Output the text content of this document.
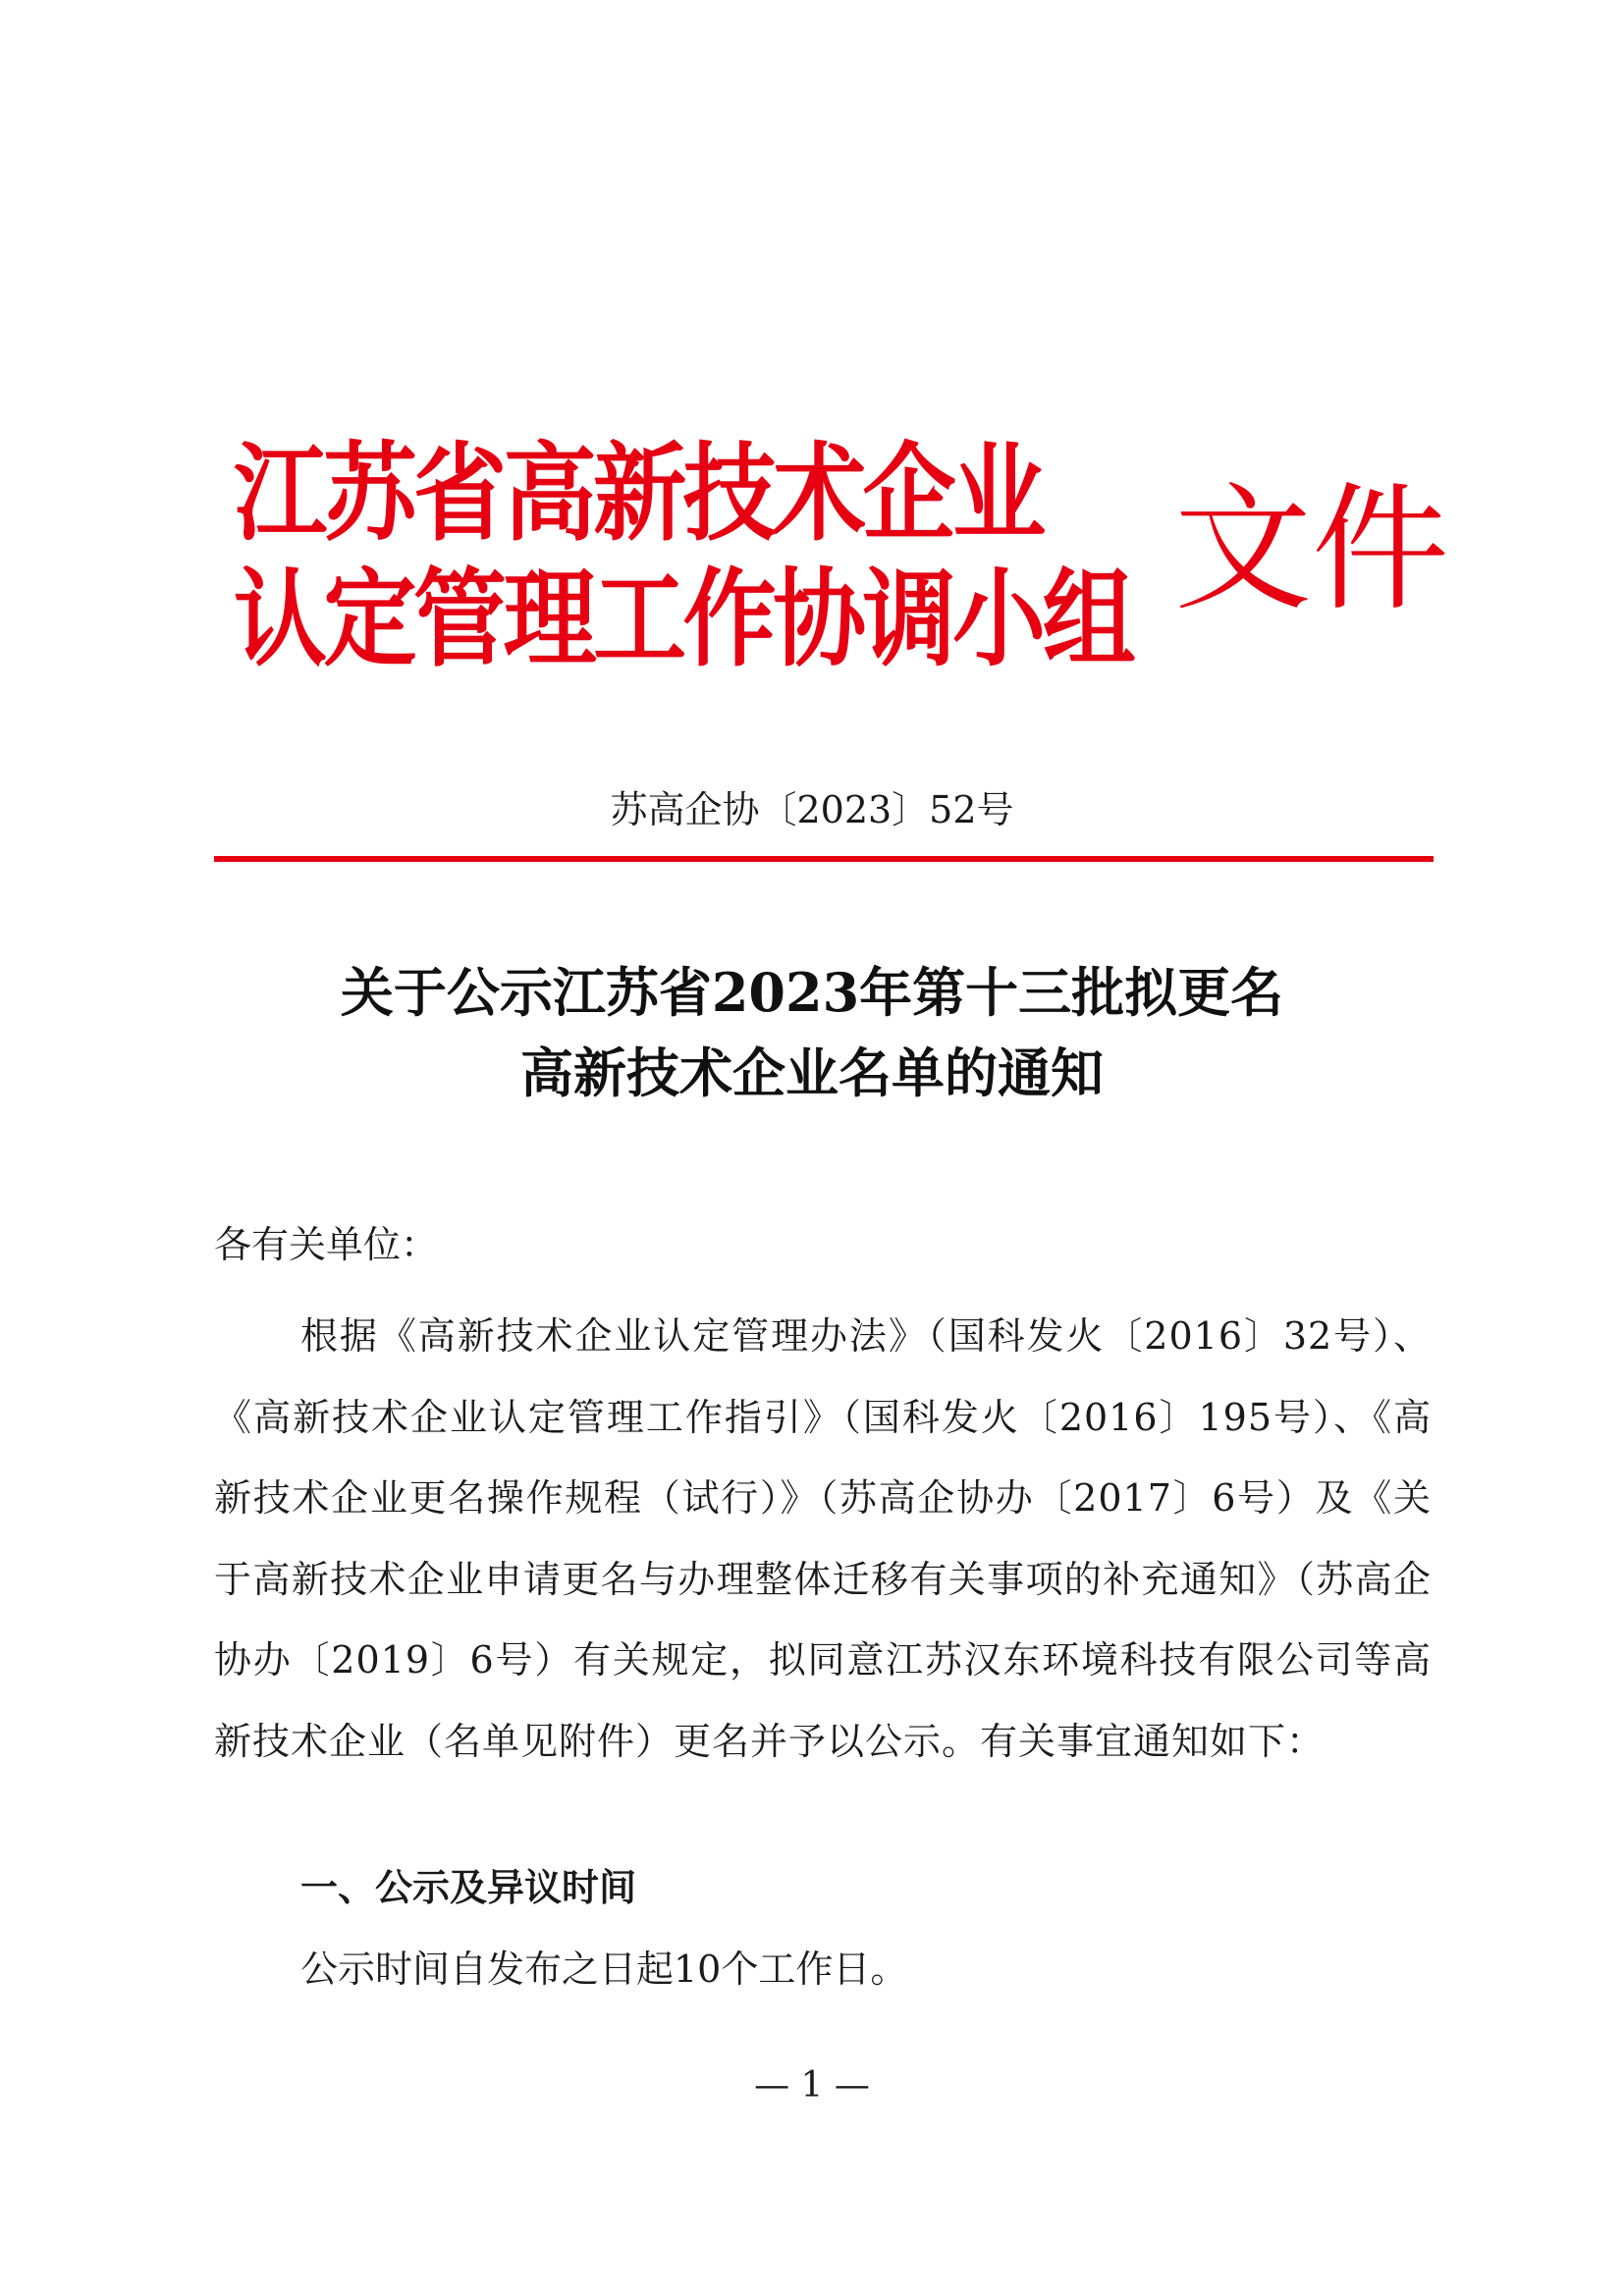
江苏省高新技术企业
认定管理工作协调小组 文件
苏高企协〔2023〕52号
关于公示江苏省2023年第十三批拟更名
高新技术企业名单的通知
各有关单位：
根据《高新技术企业认定管理办法》（国科发火〔2016〕32号）、《高新技术企业认定管理工作指引》（国科发火〔2016〕195号）、《高新技术企业更名操作规程（试行）》（苏高企协办〔2017〕6号）及《关于高新技术企业申请更名与办理整体迁移有关事项的补充通知》（苏高企协办〔2019〕6号）有关规定，拟同意江苏汉东环境科技有限公司等高新技术企业（名单见附件）更名并予以公示。有关事宜通知如下：
一、公示及异议时间
公示时间自发布之日起10个工作日。
— 1 —
